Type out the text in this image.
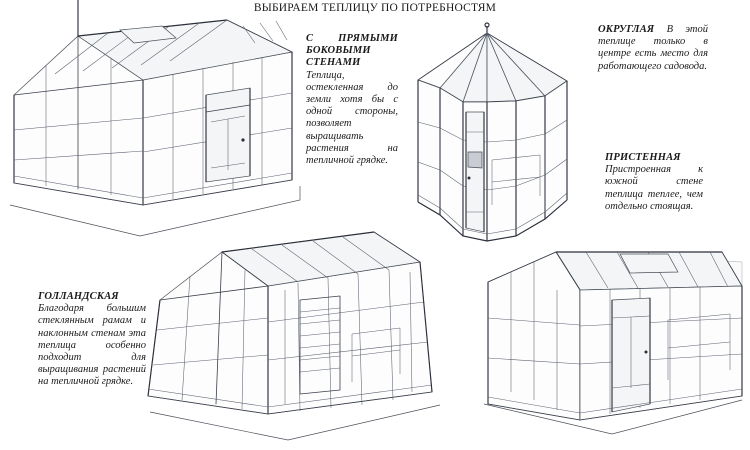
ВЫБИРАЕМ ТЕПЛИЦУ ПО ПОТРЕБНОСТЯМ
С ПРЯМЫМИ БОКОВЫМИ СТЕНАМИ Теплица, остекленная до земли хотя бы с одной стороны, позволяет выращивать растения на тепличной грядке.
ОКРУГЛАЯ В этой теплице только в центре есть место для работающего садовода.
ПРИСТЕННАЯ Пристроенная к южной стене теплица теплее, чем отдельно стоящая.
ГОЛЛАНДСКАЯ Благодаря большим стеклянным рамам и наклонным стенам эта теплица особенно подходит для выращивания растений на тепличной грядке.
